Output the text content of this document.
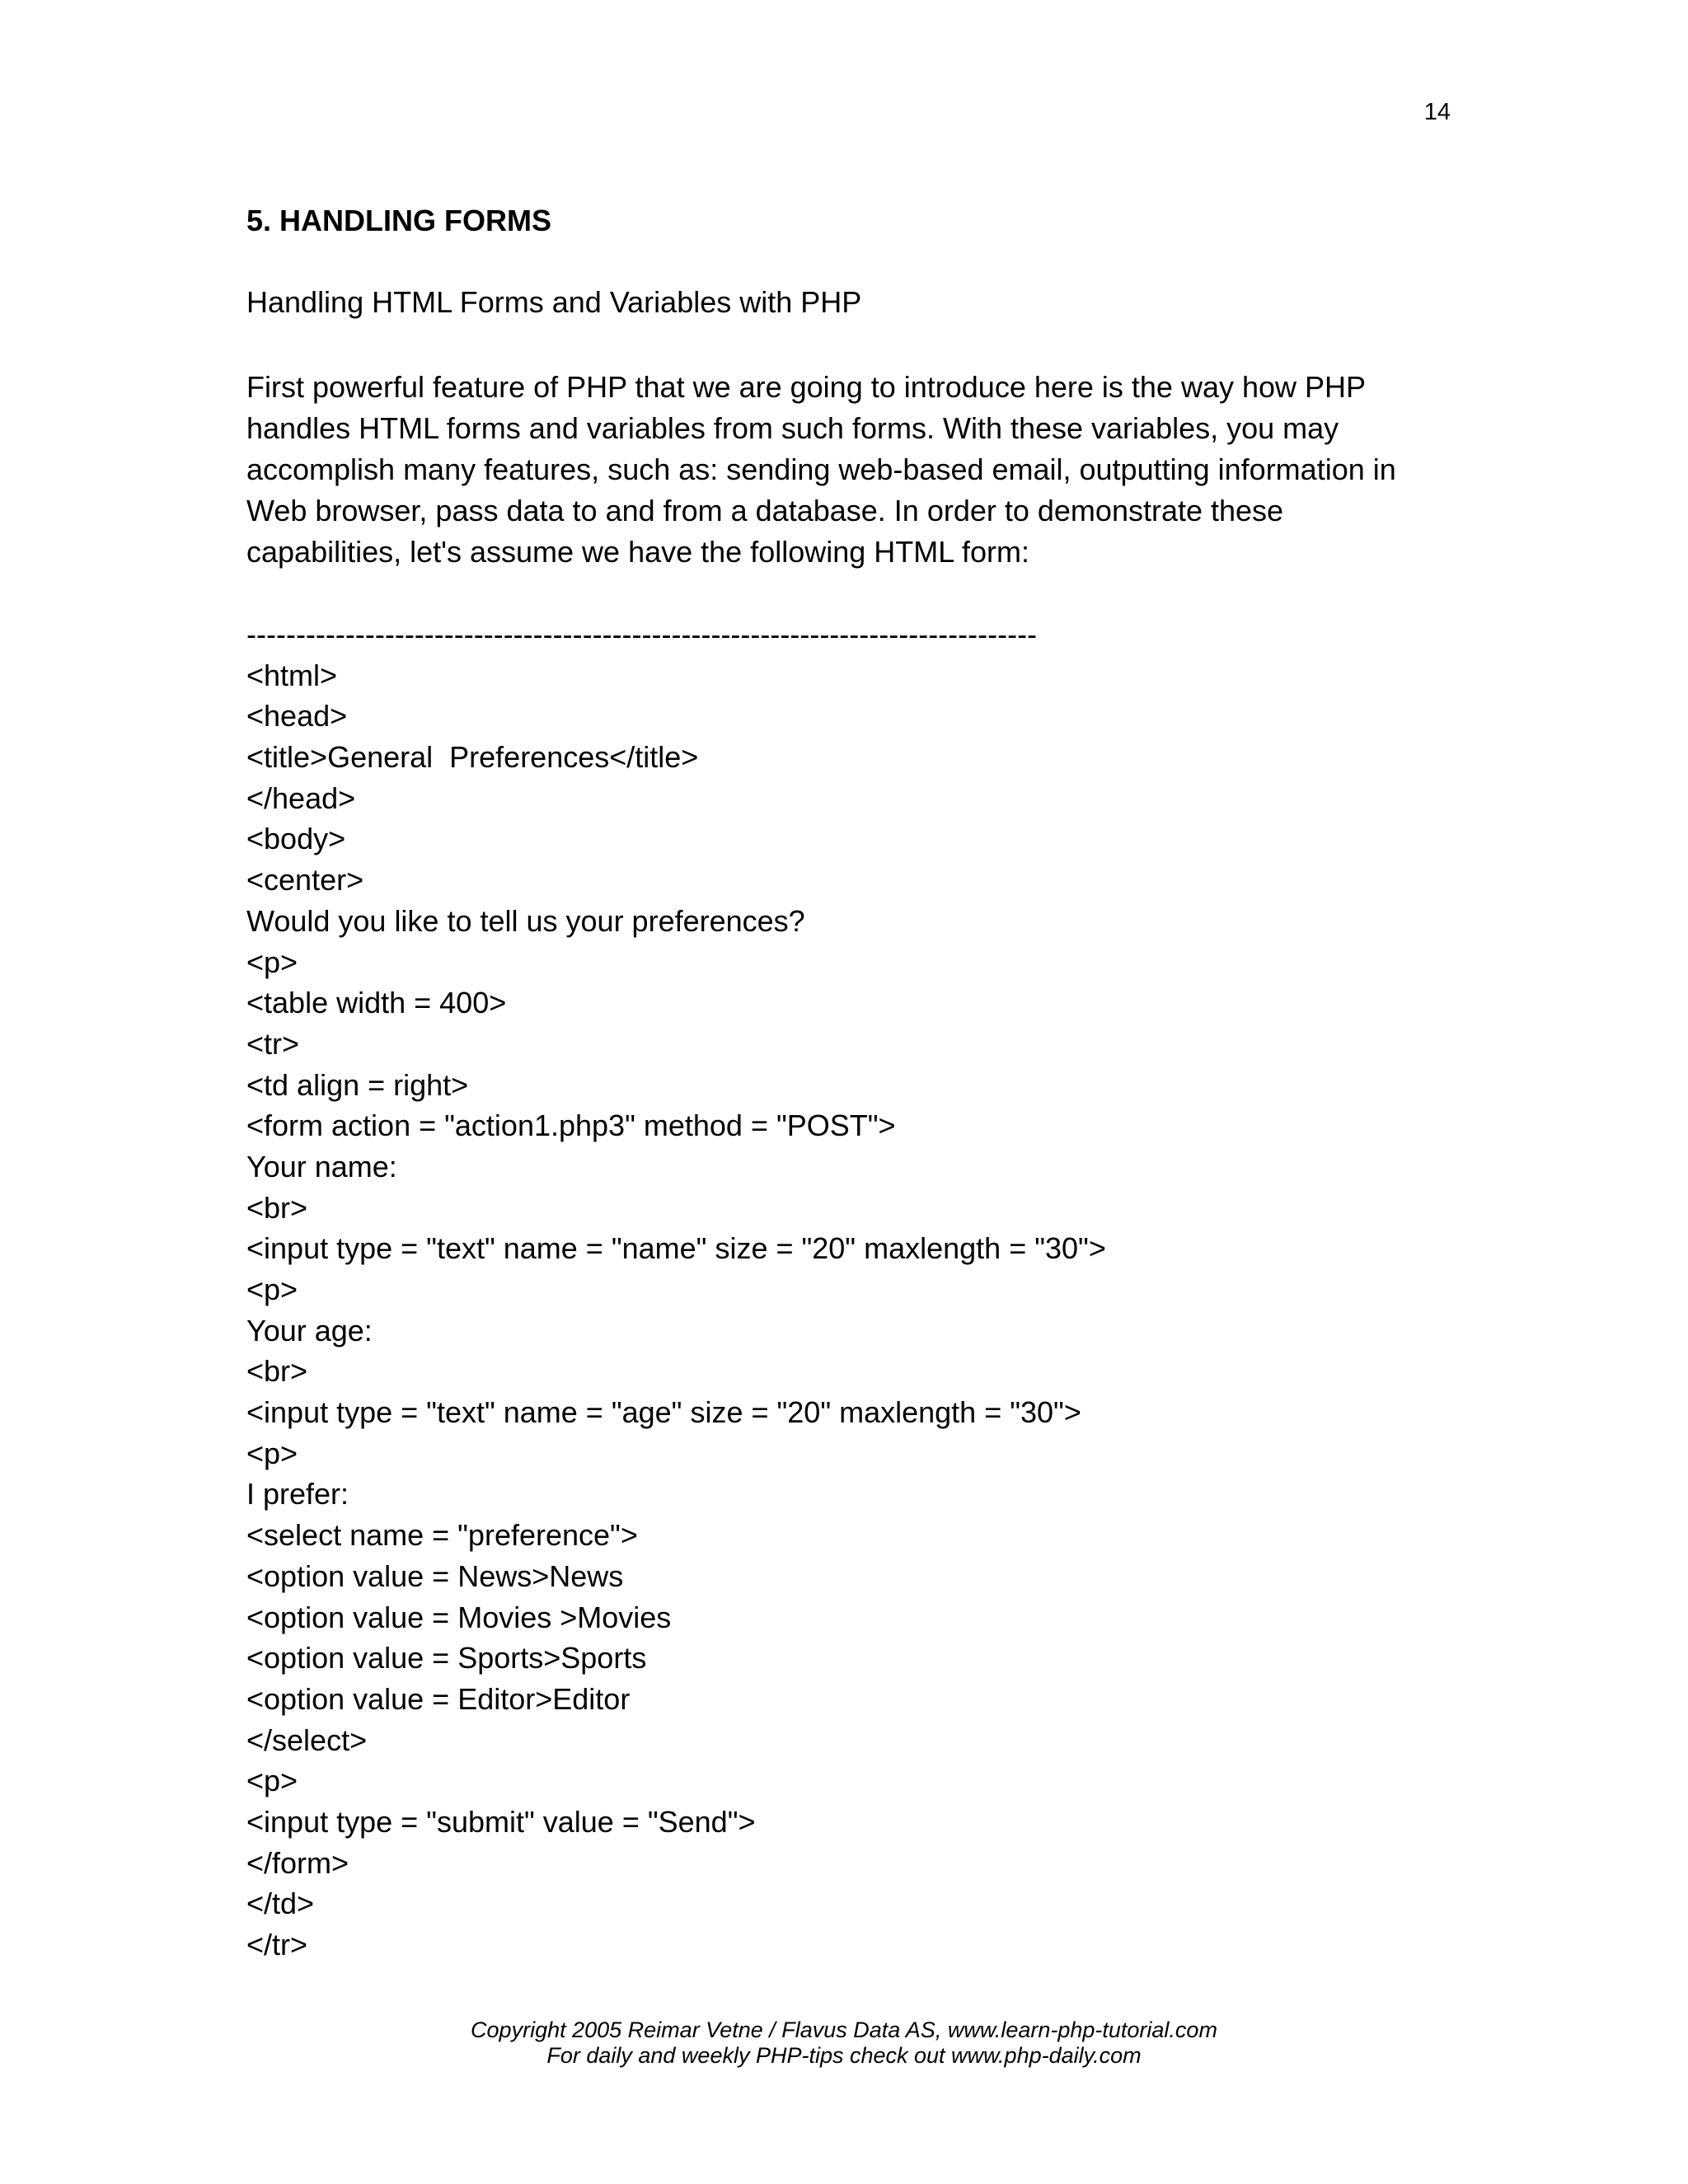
14
5. HANDLING FORMS
Handling HTML Forms and Variables with PHP
First powerful feature of PHP that we are going to introduce here is the way how PHP
handles HTML forms and variables from such forms. With these variables, you may
accomplish many features, such as: sending web-based email, outputting information in
Web browser, pass data to and from a database. In order to demonstrate these
capabilities, let's assume we have the following HTML form:
--------------------------------------------------------------------------------
<html>
<head>
<title>General  Preferences</title>
</head>
<body>
<center>
Would you like to tell us your preferences?
<p>
<table width = 400>
<tr>
<td align = right>
<form action = "action1.php3" method = "POST">
Your name:
<br>
<input type = "text" name = "name" size = "20" maxlength = "30">
<p>
Your age:
<br>
<input type = "text" name = "age" size = "20" maxlength = "30">
<p>
I prefer:
<select name = "preference">
<option value = News>News
<option value = Movies >Movies
<option value = Sports>Sports
<option value = Editor>Editor
</select>
<p>
<input type = "submit" value = "Send">
</form>
</td>
</tr>
Copyright 2005 Reimar Vetne / Flavus Data AS, www.learn-php-tutorial.com
For daily and weekly PHP-tips check out www.php-daily.com
